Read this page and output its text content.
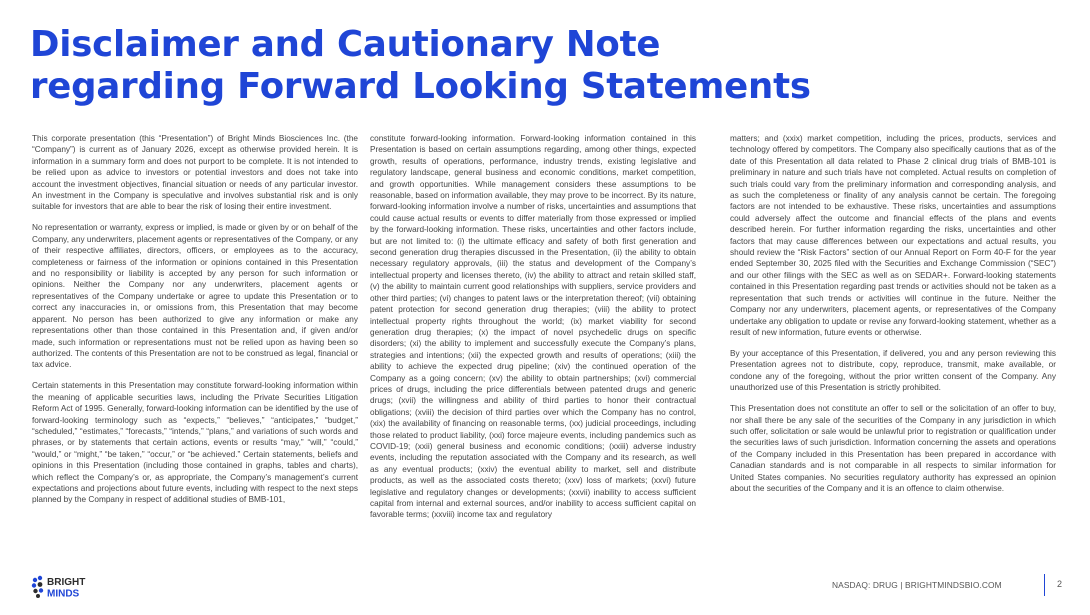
Disclaimer and Cautionary Note
regarding Forward Looking Statements

This corporate presentation (this “Presentation”) of Bright Minds Biosciences Inc. (the “Company”) is current as of January 2026, except as otherwise provided herein. It is information in a summary form and does not purport to be complete. It is not intended to be relied upon as advice to investors or potential investors and does not take into account the investment objectives, financial situation or needs of any particular investor. An investment in the Company is speculative and involves substantial risk and is only suitable for investors that are able to bear the risk of losing their entire investment.

No representation or warranty, express or implied, is made or given by or on behalf of the Company, any underwriters, placement agents or representatives of the Company, or any of their respective affiliates, directors, officers, or employees as to the accuracy, completeness or fairness of the information or opinions contained in this Presentation and no responsibility or liability is accepted by any person for such information or opinions. Neither the Company nor any underwriters, placement agents or representatives of the Company undertake or agree to update this Presentation or to correct any inaccuracies in, or omissions from, this Presentation that may become apparent. No person has been authorized to give any information or make any representations other than those contained in this Presentation and, if given and/or made, such information or representations must not be relied upon as having been so authorized. The contents of this Presentation are not to be construed as legal, financial or tax advice.

Certain statements in this Presentation may constitute forward-looking information within the meaning of applicable securities laws, including the Private Securities Litigation Reform Act of 1995. Generally, forward-looking information can be identified by the use of forward-looking terminology such as “expects,” “believes,” “anticipates,” “budget,” “scheduled,” “estimates,” “forecasts,” “intends,” “plans,” and variations of such words and phrases, or by statements that certain actions, events or results “may,” “will,” “could,” “would,” or “might,” “be taken,” “occur,” or “be achieved.” Certain statements, beliefs and opinions in this Presentation (including those contained in graphs, tables and charts), which reflect the Company’s or, as appropriate, the Company’s management’s current expectations and projections about future events, including with respect to the next steps planned by the Company in respect of additional studies of BMB-101,

constitute forward-looking information. Forward-looking information contained in this Presentation is based on certain assumptions regarding, among other things, expected growth, results of operations, performance, industry trends, existing legislative and regulatory landscape, general business and economic conditions, market competition, and growth opportunities. While management considers these assumptions to be reasonable, based on information available, they may prove to be incorrect. By its nature, forward-looking information involve a number of risks, uncertainties and assumptions that could cause actual results or events to differ materially from those expressed or implied by the forward-looking information. These risks, uncertainties and other factors include, but are not limited to: (i) the ultimate efficacy and safety of both first generation and second generation drug therapies discussed in the Presentation, (ii) the ability to obtain necessary regulatory approvals, (iii) the status and development of the Company’s intellectual property and licenses thereto, (iv) the ability to attract and retain skilled staff, (v) the ability to maintain current good relationships with suppliers, service providers and other third parties; (vi) changes to patent laws or the interpretation thereof; (vii) obtaining patent protection for second generation drug therapies; (viii) the ability to protect intellectual property rights throughout the world; (ix) market viability for second generation drug therapies; (x) the impact of novel psychedelic drugs on specific disorders; (xi) the ability to implement and successfully execute the Company’s plans, strategies and intentions; (xii) the expected growth and results of operations; (xiii) the ability to achieve the expected drug pipeline; (xiv) the continued operation of the Company as a going concern; (xv) the ability to obtain partnerships; (xvi) commercial prices of drugs, including the price differentials between patented drugs and generic drugs; (xvii) the willingness and ability of third parties to honor their contractual obligations; (xviii) the decision of third parties over which the Company has no control, (xix) the availability of financing on reasonable terms, (xx) judicial proceedings, including those related to product liability, (xxi) force majeure events, including pandemics such as COVID-19; (xxii) general business and economic conditions; (xxiii) adverse industry events, including the reputation associated with the Company and its research, as well as any eventual products; (xxiv) the eventual ability to market, sell and distribute products, as well as the associated costs thereto; (xxv) loss of markets; (xxvi) future legislative and regulatory changes or developments; (xxvii) inability to access sufficient capital from internal and external sources, and/or inability to access sufficient capital on favorable terms; (xxviii) income tax and regulatory

matters; and (xxix) market competition, including the prices, products, services and technology offered by competitors. The Company also specifically cautions that as of the date of this Presentation all data related to Phase 2 clinical drug trials of BMB-101 is preliminary in nature and such trials have not completed. Actual results on completion of such trials could vary from the preliminary information and corresponding analysis, and as such the completeness or finality of any analysis cannot be certain. The foregoing factors are not intended to be exhaustive. These risks, uncertainties and assumptions could adversely affect the outcome and financial effects of the plans and events described herein. For further information regarding the risks, uncertainties and other factors that may cause differences between our expectations and actual results, you should review the “Risk Factors” section of our Annual Report on Form 40-F for the year ended September 30, 2025 filed with the Securities and Exchange Commission (“SEC”) and our other filings with the SEC as well as on SEDAR+. Forward-looking statements contained in this Presentation regarding past trends or activities should not be taken as a representation that such trends or activities will continue in the future. Neither the Company nor any underwriters, placement agents, or representatives of the Company undertake any obligation to update or revise any forward-looking statement, whether as a result of new information, future events or otherwise.

By your acceptance of this Presentation, if delivered, you and any person reviewing this Presentation agrees not to distribute, copy, reproduce, transmit, make available, or condone any of the foregoing, without the prior written consent of the Company. Any unauthorized use of this Presentation is strictly prohibited.

This Presentation does not constitute an offer to sell or the solicitation of an offer to buy, nor shall there be any sale of the securities of the Company in any jurisdiction in which such offer, solicitation or sale would be unlawful prior to registration or qualification under the securities laws of such jurisdiction. Information concerning the assets and operations of the Company included in this Presentation has been prepared in accordance with Canadian standards and is not comparable in all respects to similar information for United States companies. No securities regulatory authority has expressed an opinion about the securities of the Company and it is an offence to claim otherwise.

BRIGHT
MINDS
NASDAQ: DRUG | BRIGHTMINDSBIO.COM	2
